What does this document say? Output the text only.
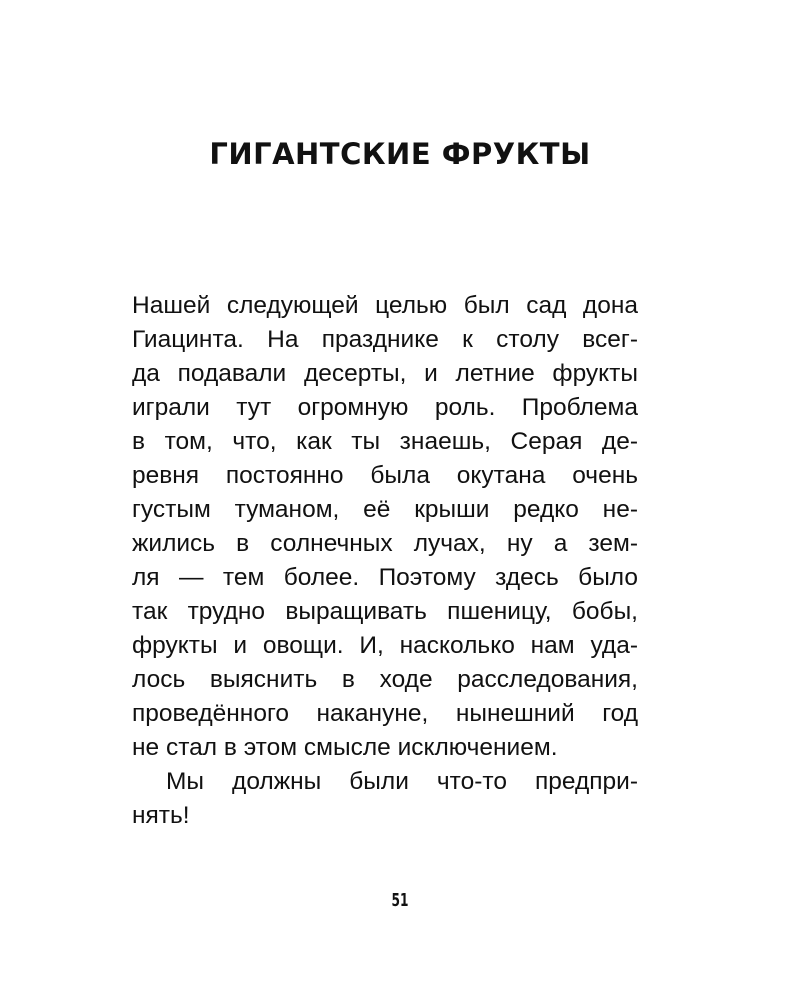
ГИГАНТСКИЕ ФРУКТЫ
Нашей следующей целью был сад дона
Гиацинта. На празднике к столу всег-
да подавали десерты, и летние фрукты
играли тут огромную роль. Проблема
в том, что, как ты знаешь, Серая де-
ревня постоянно была окутана очень
густым туманом, её крыши редко не-
жились в солнечных лучах, ну а зем-
ля — тем более. Поэтому здесь было
так трудно выращивать пшеницу, бобы,
фрукты и овощи. И, насколько нам уда-
лось выяснить в ходе расследования,
проведённого накануне, нынешний год
не стал в этом смысле исключением.
Мы должны были что-то предпри-
нять!
51
